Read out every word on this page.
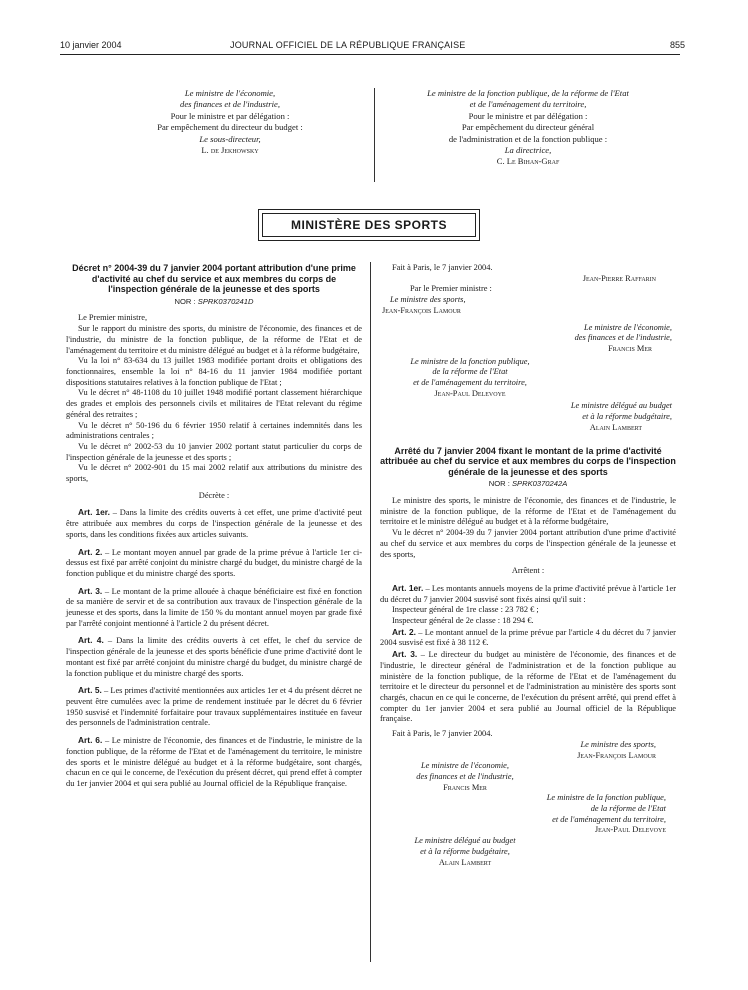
10 janvier 2004	JOURNAL OFFICIEL DE LA RÉPUBLIQUE FRANÇAISE	855
Le ministre de l'économie,
des finances et de l'industrie,
Pour le ministre et par délégation :
Par empêchement du directeur du budget :
Le sous-directeur,
L. de Jekhowsky
Le ministre de la fonction publique, de la réforme de l'Etat
et de l'aménagement du territoire,
Pour le ministre et par délégation :
Par empêchement du directeur général
de l'administration et de la fonction publique :
La directrice,
C. Le Bihan-Graf
MINISTÈRE DES SPORTS
Décret n° 2004-39 du 7 janvier 2004 portant attribution d'une prime d'activité au chef du service et aux membres du corps de l'inspection générale de la jeunesse et des sports
NOR : SPRK0370241D

Le Premier ministre,

Sur le rapport du ministre des sports, du ministre de l'économie, des finances et de l'industrie, du ministre de la fonction publique, de la réforme de l'Etat et de l'aménagement du territoire et du ministre délégué au budget et à la réforme budgétaire,

Vu la loi n° 83-634 du 13 juillet 1983 modifiée portant droits et obligations des fonctionnaires, ensemble la loi n° 84-16 du 11 janvier 1984 modifiée portant dispositions statutaires relatives à la fonction publique de l'Etat ;

Vu le décret n° 48-1108 du 10 juillet 1948 modifié portant classement hiérarchique des grades et emplois des personnels civils et militaires de l'Etat relevant du régime général des retraites ;

Vu le décret n° 50-196 du 6 février 1950 relatif à certaines indemnités dans les administrations centrales ;

Vu le décret n° 2002-53 du 10 janvier 2002 portant statut particulier du corps de l'inspection générale de la jeunesse et des sports ;

Vu le décret n° 2002-901 du 15 mai 2002 relatif aux attributions du ministre des sports,

Décrète :

Art. 1er. – Dans la limite des crédits ouverts à cet effet, une prime d'activité peut être attribuée aux membres du corps de l'inspection générale de la jeunesse et des sports, dans les conditions fixées aux articles suivants.

Art. 2. – Le montant moyen annuel par grade de la prime prévue à l'article 1er ci-dessus est fixé par arrêté conjoint du ministre chargé du budget, du ministre chargé de la fonction publique et du ministre chargé des sports.

Art. 3. – Le montant de la prime allouée à chaque bénéficiaire est fixé en fonction de sa manière de servir et de sa contribution aux travaux de l'inspection générale de la jeunesse et des sports, dans la limite de 150 % du montant annuel moyen par grade fixé par l'arrêté conjoint mentionné à l'article 2 du présent décret.

Art. 4. – Dans la limite des crédits ouverts à cet effet, le chef du service de l'inspection générale de la jeunesse et des sports bénéficie d'une prime d'activité dont le montant est fixé par arrêté conjoint du ministre chargé du budget, du ministre chargé de la fonction publique et du ministre chargé des sports.

Art. 5. – Les primes d'activité mentionnées aux articles 1er et 4 du présent décret ne peuvent être cumulées avec la prime de rendement instituée par le décret du 6 février 1950 susvisé et l'indemnité forfaitaire pour travaux supplémentaires instituée en faveur des personnels de l'administration centrale.

Art. 6. – Le ministre de l'économie, des finances et de l'industrie, le ministre de la fonction publique, de la réforme de l'Etat et de l'aménagement du territoire, le ministre des sports et le ministre délégué au budget et à la réforme budgétaire, sont chargés, chacun en ce qui le concerne, de l'exécution du présent décret, qui prend effet à compter du 1er janvier 2004 et qui sera publié au Journal officiel de la République française.

Fait à Paris, le 7 janvier 2004.

Jean-Pierre Raffarin
Par le Premier ministre :
Le ministre des sports,
Jean-François Lamour
Le ministre de l'économie,
des finances et de l'industrie,
Francis Mer
Le ministre de la fonction publique,
de la réforme de l'Etat
et de l'aménagement du territoire,
Jean-Paul Delevoye
Le ministre délégué au budget
et à la réforme budgétaire,
Alain Lambert
Arrêté du 7 janvier 2004 fixant le montant de la prime d'activité attribuée au chef du service et aux membres du corps de l'inspection générale de la jeunesse et des sports
NOR : SPRK0370242A

Le ministre des sports, le ministre de l'économie, des finances et de l'industrie, le ministre de la fonction publique, de la réforme de l'Etat et de l'aménagement du territoire et le ministre délégué au budget et à la réforme budgétaire,

Vu le décret n° 2004-39 du 7 janvier 2004 portant attribution d'une prime d'activité au chef du service et aux membres du corps de l'inspection générale de la jeunesse et des sports,

Arrêtent :

Art. 1er. – Les montants annuels moyens de la prime d'activité prévue à l'article 1er du décret du 7 janvier 2004 susvisé sont fixés ainsi qu'il suit :

Inspecteur général de 1re classe : 23 782 € ;

Inspecteur général de 2e classe : 18 294 €.

Art. 2. – Le montant annuel de la prime prévue par l'article 4 du décret du 7 janvier 2004 susvisé est fixé à 38 112 €.

Art. 3. – Le directeur du budget au ministère de l'économie, des finances et de l'industrie, le directeur général de l'administration et de la fonction publique au ministère de la fonction publique, de la réforme de l'Etat et de l'aménagement du territoire et le directeur du personnel et de l'administration au ministère des sports sont chargés, chacun en ce qui le concerne, de l'exécution du présent arrêté, qui prend effet à compter du 1er janvier 2004 et sera publié au Journal officiel de la République française.

Fait à Paris, le 7 janvier 2004.

Le ministre des sports,
Jean-François Lamour
Le ministre de l'économie,
des finances et de l'industrie,
Francis Mer
Le ministre de la fonction publique,
de la réforme de l'Etat
et de l'aménagement du territoire,
Jean-Paul Delevoye
Le ministre délégué au budget
et à la réforme budgétaire,
Alain Lambert
